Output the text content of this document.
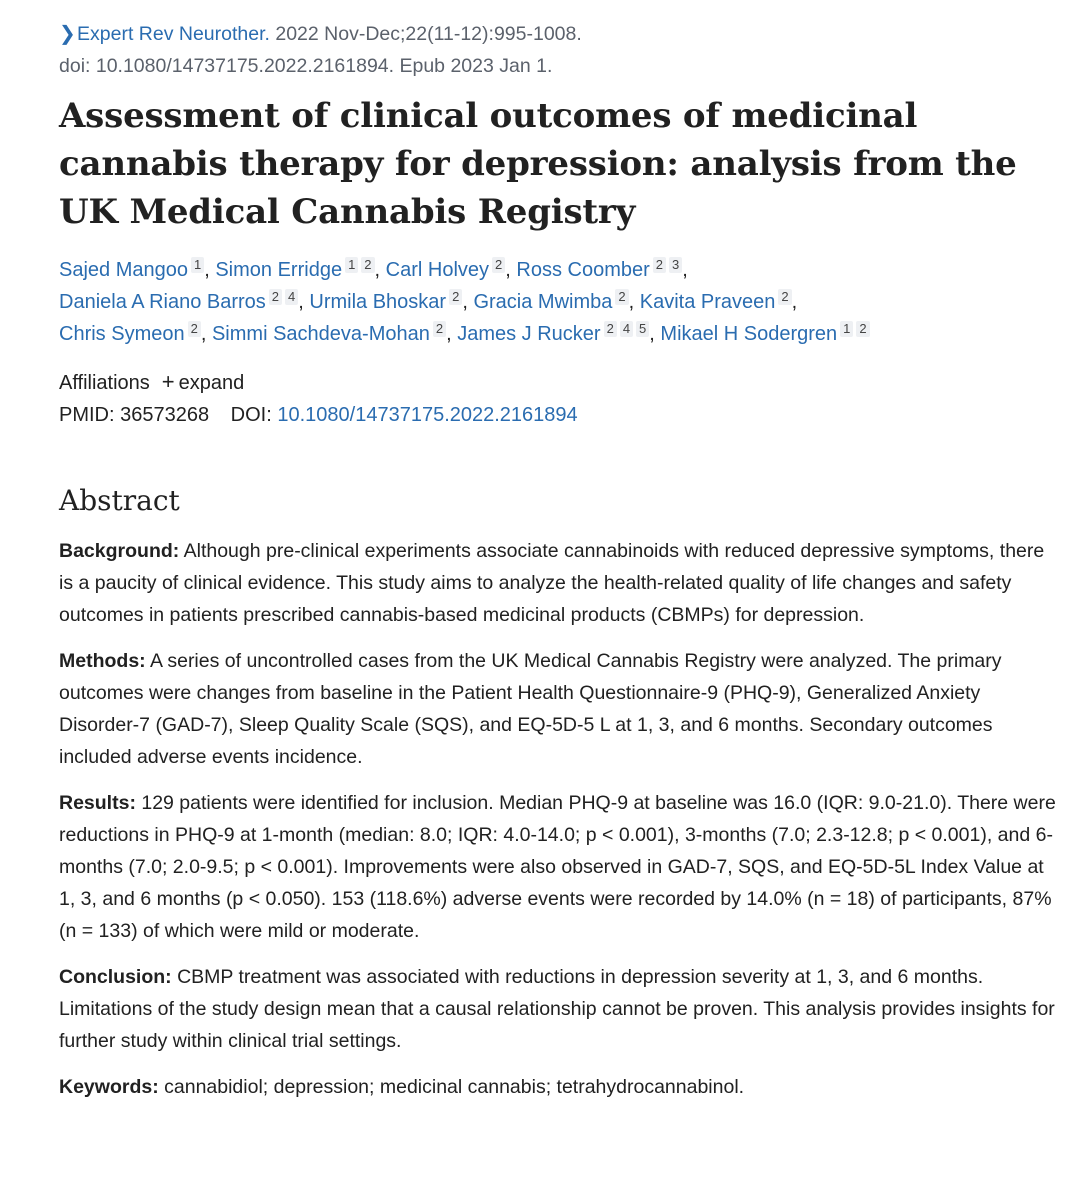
❯Expert Rev Neurother. 2022 Nov-Dec;22(11-12):995-1008.
doi: 10.1080/14737175.2022.2161894. Epub 2023 Jan 1.
Assessment of clinical outcomes of medicinal cannabis therapy for depression: analysis from the UK Medical Cannabis Registry
Sajed Mangoo 1 , Simon Erridge 1 2 , Carl Holvey 2 , Ross Coomber 2 3 ,
Daniela A Riano Barros 2 4 , Urmila Bhoskar 2 , Gracia Mwimba 2 , Kavita Praveen 2 ,
Chris Symeon 2 , Simmi Sachdeva-Mohan 2 , James J Rucker 2 4 5 , Mikael H Sodergren 1 2
Affiliations + expand
PMID: 36573268 DOI: 10.1080/14737175.2022.2161894
Abstract

Background: Although pre-clinical experiments associate cannabinoids with reduced depressive symptoms, there is a paucity of clinical evidence. This study aims to analyze the health-related quality of life changes and safety outcomes in patients prescribed cannabis-based medicinal products (CBMPs) for depression.

Methods: A series of uncontrolled cases from the UK Medical Cannabis Registry were analyzed. The primary outcomes were changes from baseline in the Patient Health Questionnaire-9 (PHQ-9), Generalized Anxiety Disorder-7 (GAD-7), Sleep Quality Scale (SQS), and EQ-5D-5 L at 1, 3, and 6 months. Secondary outcomes included adverse events incidence.

Results: 129 patients were identified for inclusion. Median PHQ-9 at baseline was 16.0 (IQR: 9.0-21.0). There were reductions in PHQ-9 at 1-month (median: 8.0; IQR: 4.0-14.0; p < 0.001), 3-months (7.0; 2.3-12.8; p < 0.001), and 6-months (7.0; 2.0-9.5; p < 0.001). Improvements were also observed in GAD-7, SQS, and EQ-5D-5L Index Value at 1, 3, and 6 months (p < 0.050). 153 (118.6%) adverse events were recorded by 14.0% (n = 18) of participants, 87% (n = 133) of which were mild or moderate.

Conclusion: CBMP treatment was associated with reductions in depression severity at 1, 3, and 6 months. Limitations of the study design mean that a causal relationship cannot be proven. This analysis provides insights for further study within clinical trial settings.

Keywords: cannabidiol; depression; medicinal cannabis; tetrahydrocannabinol.
